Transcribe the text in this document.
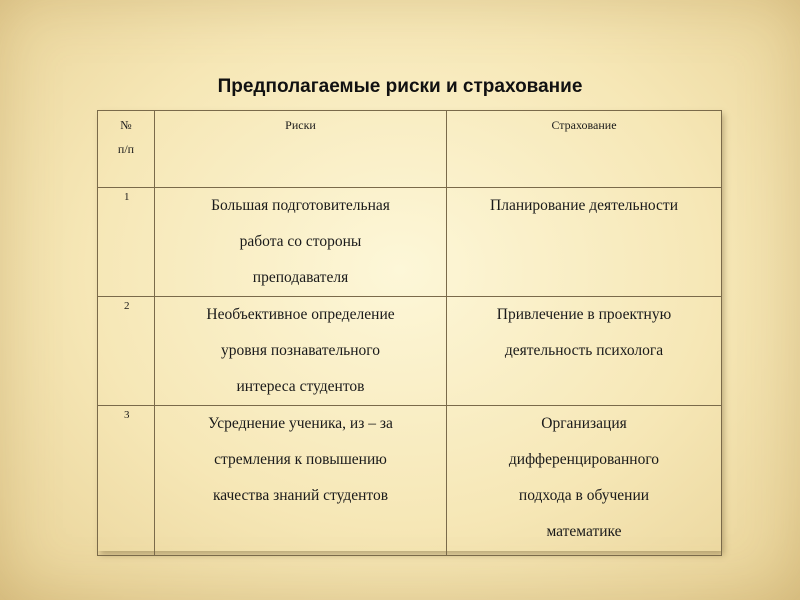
Предполагаемые риски и страхование
№
п/п	Риски	Страхование
1	Большая подготовительная
работа со стороны
преподавателя	Планирование деятельности

2	Необъективное определение
уровня познавательного
интереса студентов	Привлечение в проектную
деятельность психолога

3	Усреднение ученика, из – за
стремления к повышению
качества знаний студентов	Организация
дифференцированного
подхода в обучении
математике
